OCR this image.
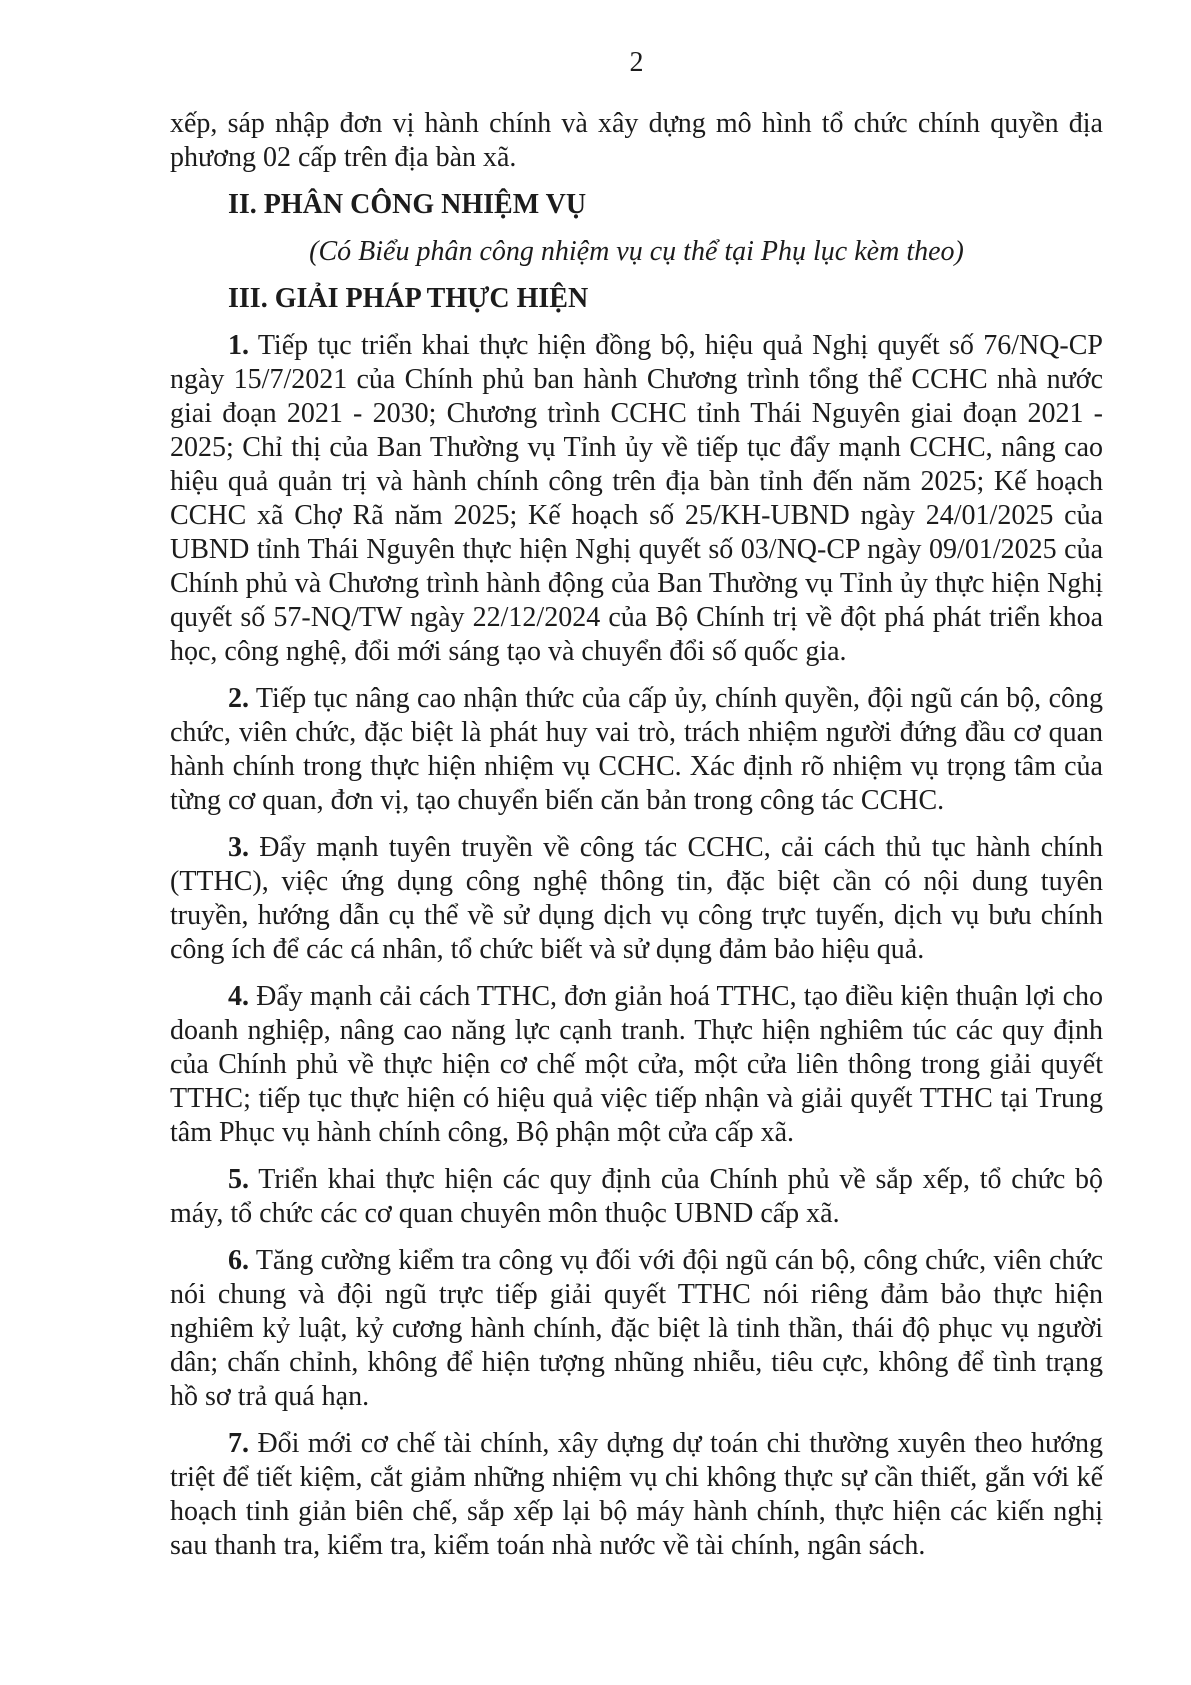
2

xếp, sáp nhập đơn vị hành chính và xây dựng mô hình tổ chức chính quyền địa phương 02 cấp trên địa bàn xã.

II. PHÂN CÔNG NHIỆM VỤ

(Có Biểu phân công nhiệm vụ cụ thể tại Phụ lục kèm theo)

III. GIẢI PHÁP THỰC HIỆN

1. Tiếp tục triển khai thực hiện đồng bộ, hiệu quả Nghị quyết số 76/NQ-CP ngày 15/7/2021 của Chính phủ ban hành Chương trình tổng thể CCHC nhà nước giai đoạn 2021 - 2030; Chương trình CCHC tỉnh Thái Nguyên giai đoạn 2021 - 2025; Chỉ thị của Ban Thường vụ Tỉnh ủy về tiếp tục đẩy mạnh CCHC, nâng cao hiệu quả quản trị và hành chính công trên địa bàn tỉnh đến năm 2025; Kế hoạch CCHC xã Chợ Rã năm 2025; Kế hoạch số 25/KH-UBND ngày 24/01/2025 của UBND tỉnh Thái Nguyên thực hiện Nghị quyết số 03/NQ-CP ngày 09/01/2025 của Chính phủ và Chương trình hành động của Ban Thường vụ Tỉnh ủy thực hiện Nghị quyết số 57-NQ/TW ngày 22/12/2024 của Bộ Chính trị về đột phá phát triển khoa học, công nghệ, đổi mới sáng tạo và chuyển đổi số quốc gia.

2. Tiếp tục nâng cao nhận thức của cấp ủy, chính quyền, đội ngũ cán bộ, công chức, viên chức, đặc biệt là phát huy vai trò, trách nhiệm người đứng đầu cơ quan hành chính trong thực hiện nhiệm vụ CCHC. Xác định rõ nhiệm vụ trọng tâm của từng cơ quan, đơn vị, tạo chuyển biến căn bản trong công tác CCHC.

3. Đẩy mạnh tuyên truyền về công tác CCHC, cải cách thủ tục hành chính (TTHC), việc ứng dụng công nghệ thông tin, đặc biệt cần có nội dung tuyên truyền, hướng dẫn cụ thể về sử dụng dịch vụ công trực tuyến, dịch vụ bưu chính công ích để các cá nhân, tổ chức biết và sử dụng đảm bảo hiệu quả.

4. Đẩy mạnh cải cách TTHC, đơn giản hoá TTHC, tạo điều kiện thuận lợi cho doanh nghiệp, nâng cao năng lực cạnh tranh. Thực hiện nghiêm túc các quy định của Chính phủ về thực hiện cơ chế một cửa, một cửa liên thông trong giải quyết TTHC; tiếp tục thực hiện có hiệu quả việc tiếp nhận và giải quyết TTHC tại Trung tâm Phục vụ hành chính công, Bộ phận một cửa cấp xã.

5. Triển khai thực hiện các quy định của Chính phủ về sắp xếp, tổ chức bộ máy, tổ chức các cơ quan chuyên môn thuộc UBND cấp xã.

6. Tăng cường kiểm tra công vụ đối với đội ngũ cán bộ, công chức, viên chức nói chung và đội ngũ trực tiếp giải quyết TTHC nói riêng đảm bảo thực hiện nghiêm kỷ luật, kỷ cương hành chính, đặc biệt là tinh thần, thái độ phục vụ người dân; chấn chỉnh, không để hiện tượng nhũng nhiễu, tiêu cực, không để tình trạng hồ sơ trả quá hạn.

7. Đổi mới cơ chế tài chính, xây dựng dự toán chi thường xuyên theo hướng triệt để tiết kiệm, cắt giảm những nhiệm vụ chi không thực sự cần thiết, gắn với kế hoạch tinh giản biên chế, sắp xếp lại bộ máy hành chính, thực hiện các kiến nghị sau thanh tra, kiểm tra, kiểm toán nhà nước về tài chính, ngân sách.
